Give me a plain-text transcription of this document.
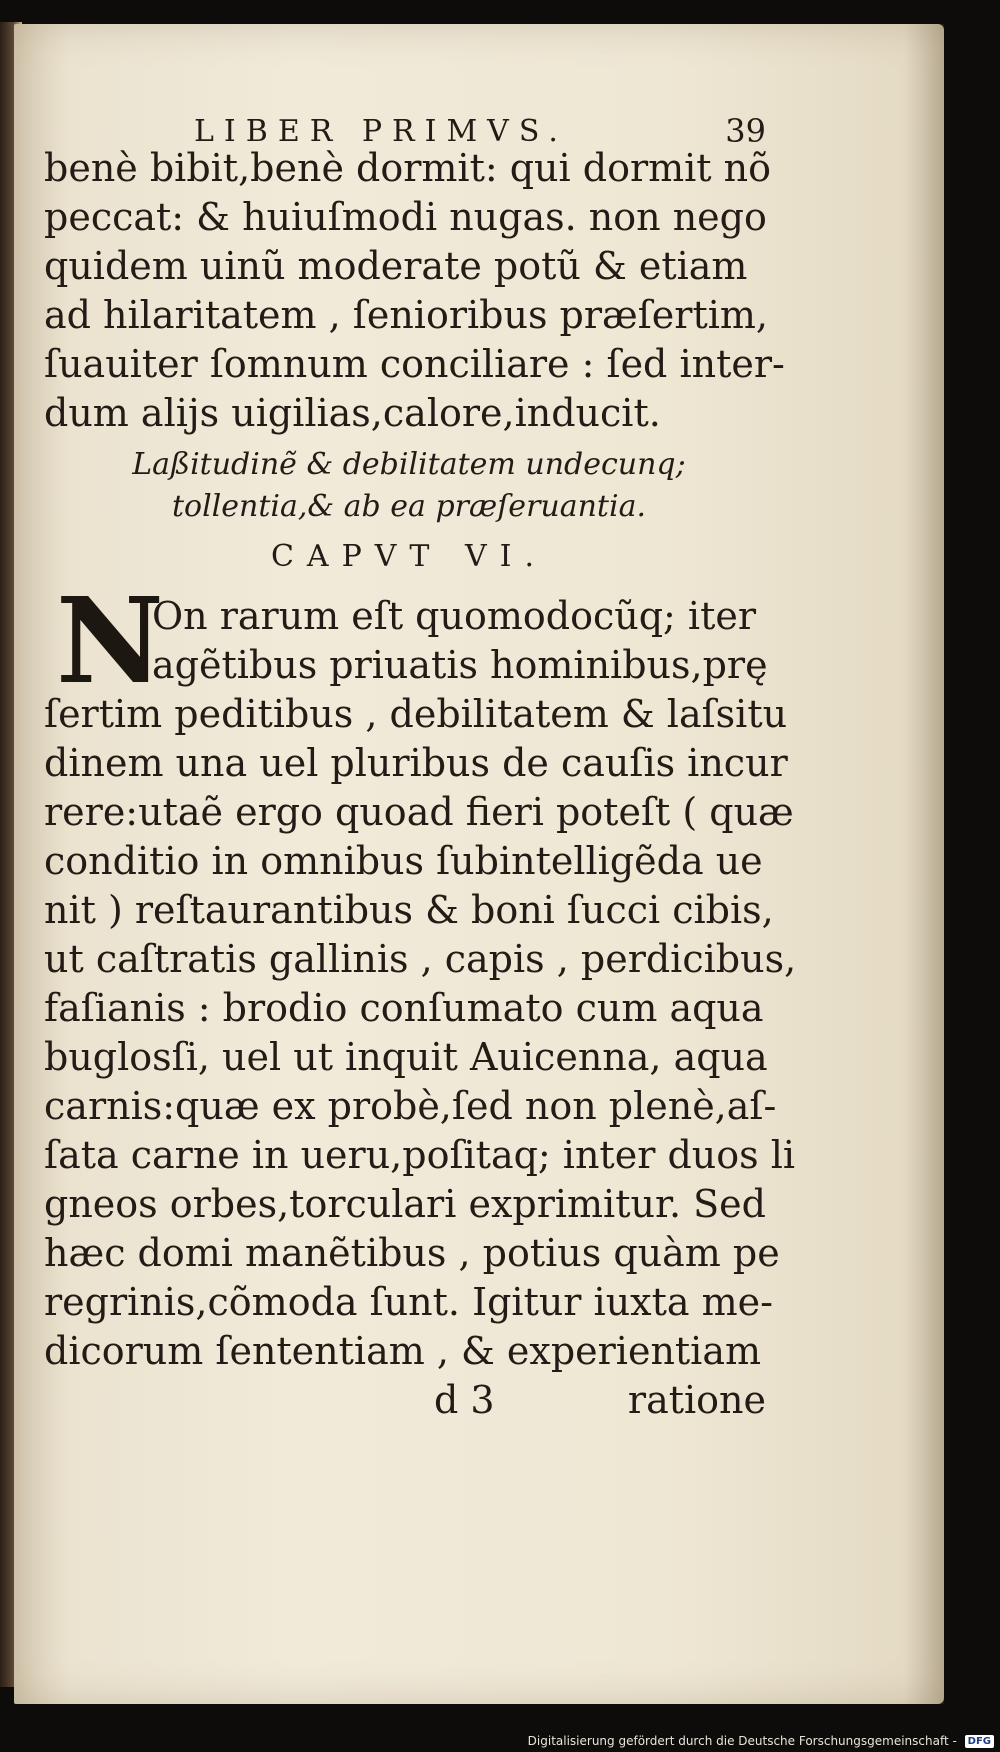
LIBER PRIMVS.	39
benè bibit,benè dormit: qui dormit nõ
peccat: & huiuſmodi nugas. non nego
quidem uinũ moderate potũ & etiam
ad hilaritatem , ſenioribus præſertim,
ſuauiter ſomnum conciliare : ſed inter-
dum alijs uigilias,calore,inducit.
Laßitudinẽ & debilitatem undecunq;
tollentia,& ab ea præſeruantia.
CAPVT VI.
N
On rarum eſt quomodocũq; iter
agẽtibus priuatis hominibus,prę
ſertim peditibus , debilitatem & laſsitu
dinem una uel pluribus de cauſis incur
rere:utaẽ ergo quoad fieri poteſt ( quæ
conditio in omnibus ſubintelligẽda ue
nit ) reſtaurantibus & boni ſucci cibis,
ut caſtratis gallinis , capis , perdicibus,
faſianis : brodio conſumato cum aqua
buglosſi, uel ut inquit Auicenna, aqua
carnis:quæ ex probè,ſed non plenè,aſ-
ſata carne in ueru,poſitaq; inter duos li
gneos orbes,torculari exprimitur. Sed
hæc domi manẽtibus , potius quàm pe
regrinis,cõmoda ſunt. Igitur iuxta me-
dicorum ſententiam , & experientiam
d 3	ratione
Digitalisierung gefördert durch die Deutsche Forschungsgemeinschaft - DFG
